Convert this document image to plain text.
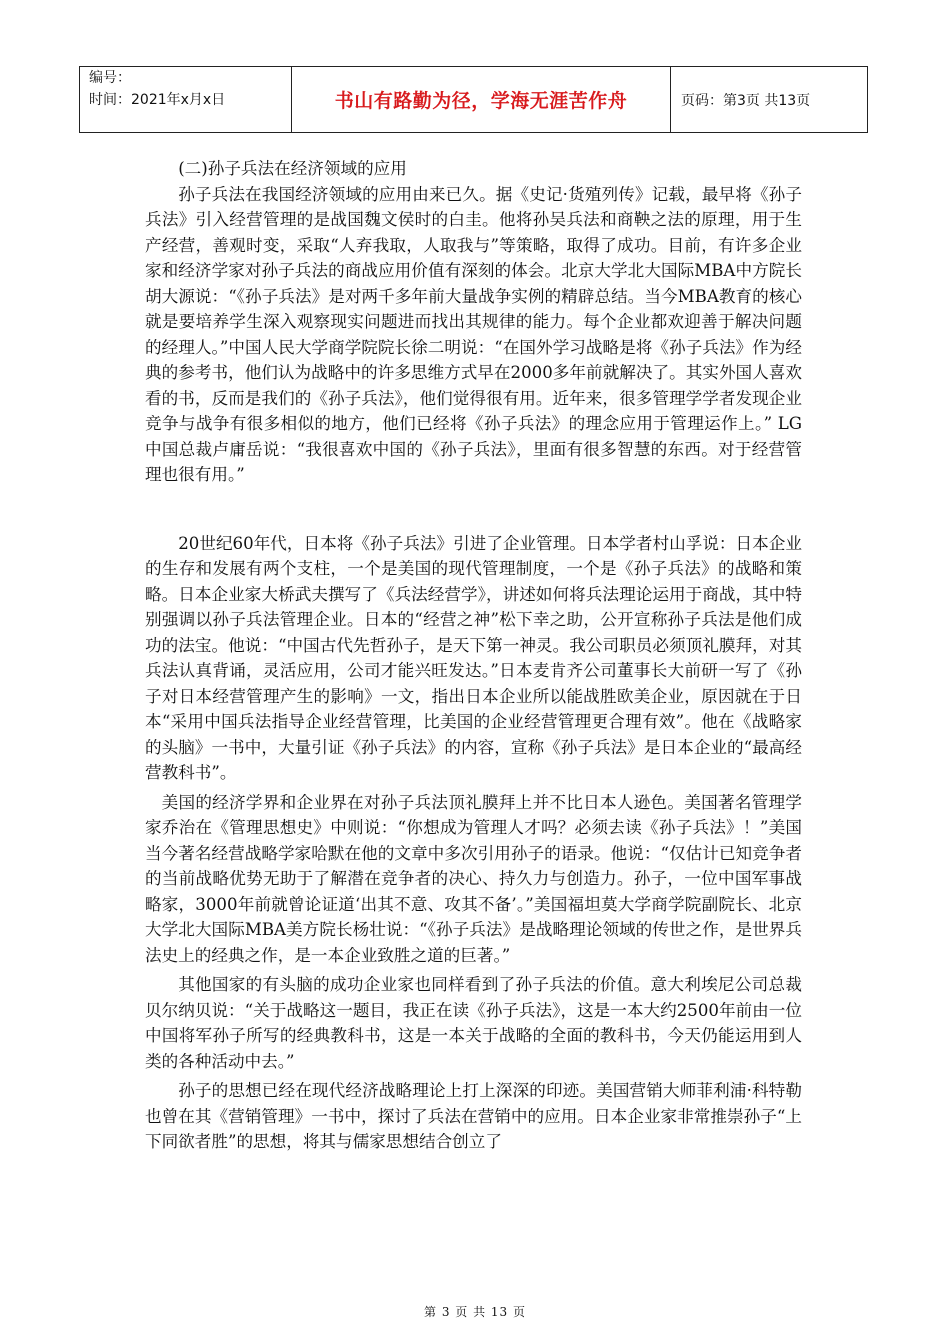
编号：
时间：2021年x月x日	书山有路勤为径，学海无涯苦作舟	页码：第3页 共13页

(二)孙子兵法在经济领域的应用

孙子兵法在我国经济领域的应用由来已久。据《史记·货殖列传》记载，最早将《孙子兵法》引入经营管理的是战国魏文侯时的白圭。他将孙吴兵法和商鞅之法的原理，用于生产经营，善观时变，采取“人弃我取，人取我与”等策略，取得了成功。目前，有许多企业家和经济学家对孙子兵法的商战应用价值有深刻的体会。北京大学北大国际MBA中方院长胡大源说：“《孙子兵法》是对两千多年前大量战争实例的精辟总结。当今MBA教育的核心就是要培养学生深入观察现实问题进而找出其规律的能力。每个企业都欢迎善于解决问题的经理人。”中国人民大学商学院院长徐二明说：“在国外学习战略是将《孙子兵法》作为经典的参考书，他们认为战略中的许多思维方式早在2000多年前就解决了。其实外国人喜欢看的书，反而是我们的《孙子兵法》，他们觉得很有用。近年来，很多管理学学者发现企业竞争与战争有很多相似的地方，他们已经将《孙子兵法》的理念应用于管理运作上。” LG中国总裁卢庸岳说：“我很喜欢中国的《孙子兵法》，里面有很多智慧的东西。对于经营管理也很有用。”

20世纪60年代，日本将《孙子兵法》引进了企业管理。日本学者村山孚说：日本企业的生存和发展有两个支柱，一个是美国的现代管理制度，一个是《孙子兵法》的战略和策略。日本企业家大桥武夫撰写了《兵法经营学》，讲述如何将兵法理论运用于商战，其中特别强调以孙子兵法管理企业。日本的“经营之神”松下幸之助，公开宣称孙子兵法是他们成功的法宝。他说：“中国古代先哲孙子，是天下第一神灵。我公司职员必须顶礼膜拜，对其兵法认真背诵，灵活应用，公司才能兴旺发达。”日本麦肯齐公司董事长大前研一写了《孙子对日本经营管理产生的影响》一文，指出日本企业所以能战胜欧美企业，原因就在于日本“采用中国兵法指导企业经营管理，比美国的企业经营管理更合理有效”。他在《战略家的头脑》一书中，大量引证《孙子兵法》的内容，宣称《孙子兵法》是日本企业的“最高经营教科书”。

美国的经济学界和企业界在对孙子兵法顶礼膜拜上并不比日本人逊色。美国著名管理学家乔治在《管理思想史》中则说：“你想成为管理人才吗？必须去读《孙子兵法》！”美国当今著名经营战略学家哈默在他的文章中多次引用孙子的语录。他说：“仅估计已知竞争者的当前战略优势无助于了解潜在竞争者的决心、持久力与创造力。孙子，一位中国军事战略家，3000年前就曾论证道‘出其不意、攻其不备’。”美国福坦莫大学商学院副院长、北京大学北大国际MBA美方院长杨壮说：“《孙子兵法》是战略理论领域的传世之作，是世界兵法史上的经典之作，是一本企业致胜之道的巨著。”

其他国家的有头脑的成功企业家也同样看到了孙子兵法的价值。意大利埃尼公司总裁贝尔纳贝说：“关于战略这一题目，我正在读《孙子兵法》，这是一本大约2500年前由一位中国将军孙子所写的经典教科书，这是一本关于战略的全面的教科书，今天仍能运用到人类的各种活动中去。”

孙子的思想已经在现代经济战略理论上打上深深的印迹。美国营销大师菲利浦·科特勒也曾在其《营销管理》一书中，探讨了兵法在营销中的应用。日本企业家非常推崇孙子“上下同欲者胜”的思想，将其与儒家思想结合创立了

第 3 页 共 13 页
